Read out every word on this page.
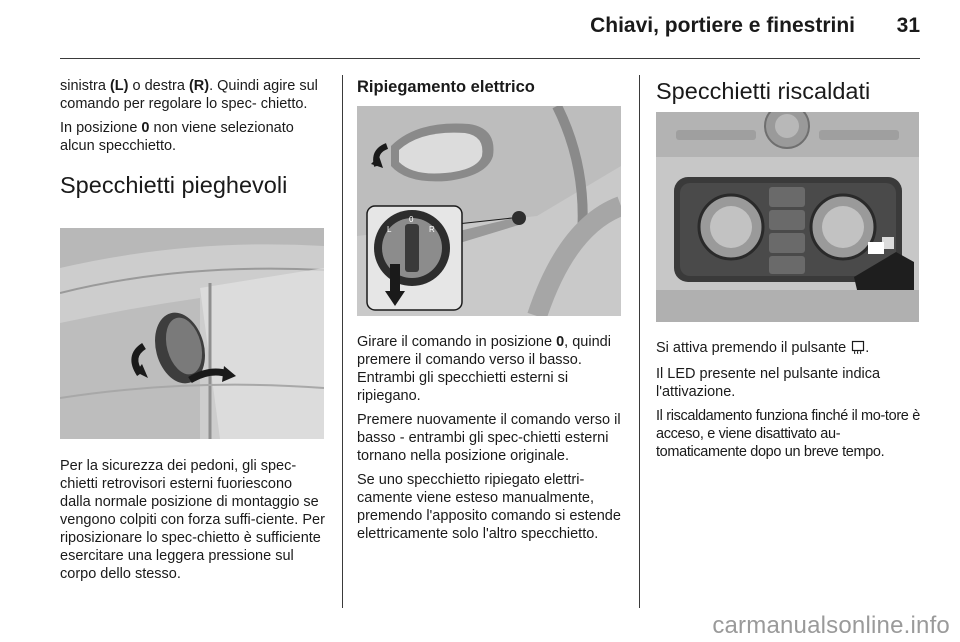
Chiavi, portiere e finestrini	31

sinistra (L) o destra (R). Quindi agire sul comando per regolare lo spec- chietto.

In posizione 0 non viene selezionato alcun specchietto.

Specchietti pieghevoli

Per la sicurezza dei pedoni, gli spec-chietti retrovisori esterni fuoriescono dalla normale posizione di montaggio se vengono colpiti con forza suffi-ciente. Per riposizionare lo spec-chietto è sufficiente esercitare una leggera pressione sul corpo dello stesso.

Ripiegamento elettrico
L
0
R

Girare il comando in posizione 0, quindi premere il comando verso il basso. Entrambi gli specchietti esterni si ripiegano.

Premere nuovamente il comando verso il basso - entrambi gli spec-chietti esterni tornano nella posizione originale.

Se uno specchietto ripiegato elettri-camente viene esteso manualmente, premendo l'apposito comando si estende elettricamente solo l'altro specchietto.

Specchietti riscaldati

Si attiva premendo il pulsante .

Il LED presente nel pulsante indica l'attivazione.

Il riscaldamento funziona finché il mo-tore è acceso, e viene disattivato au-tomaticamente dopo un breve tempo.

carmanualsonline.info
